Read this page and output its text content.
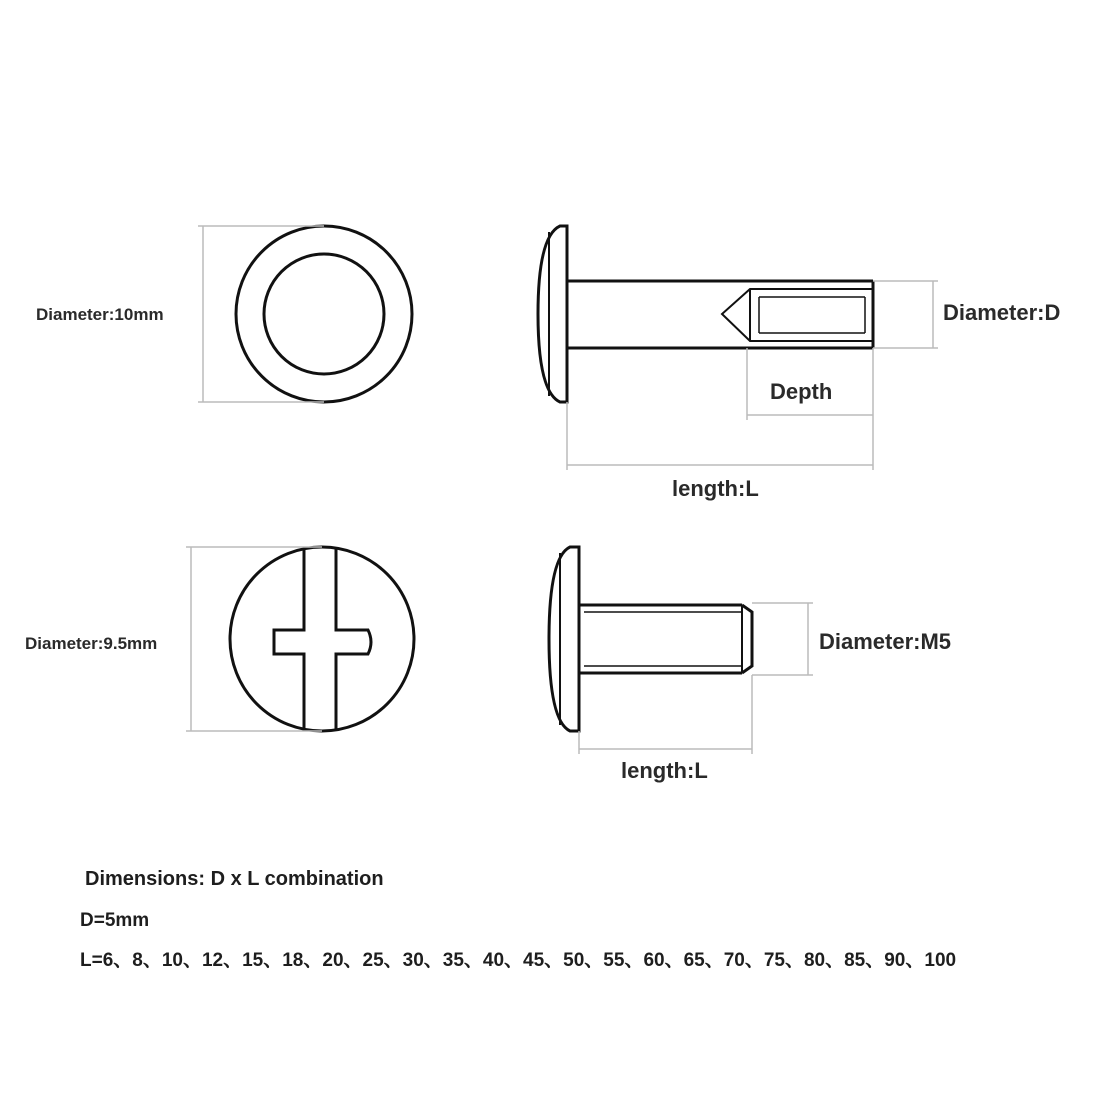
Diameter:10mm	Diameter:D
Depth
length:L
Diameter:9.5mm	Diameter:M5
length:L
Dimensions: D x L combination
D=5mm
L=6、8、10、12、15、18、20、25、30、35、40、45、50、55、60、65、70、75、80、85、90、100
